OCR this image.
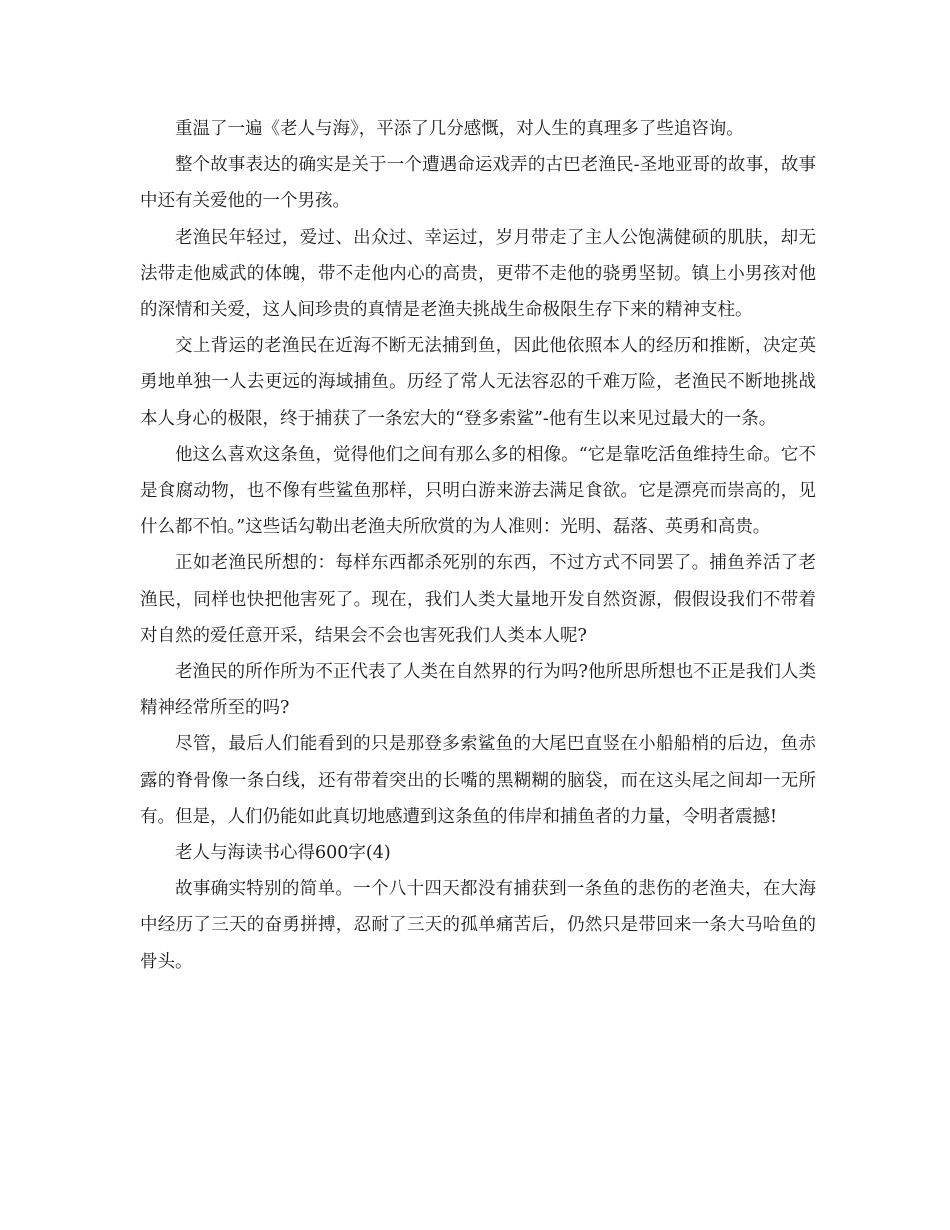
重温了一遍《老人与海》，平添了几分感慨，对人生的真理多了些追咨询。

整个故事表达的确实是关于一个遭遇命运戏弄的古巴老渔民-圣地亚哥的故事，故事中还有关爱他的一个男孩。

老渔民年轻过，爱过、出众过、幸运过，岁月带走了主人公饱满健硕的肌肤，却无法带走他威武的体魄，带不走他内心的高贵，更带不走他的骁勇坚韧。镇上小男孩对他的深情和关爱，这人间珍贵的真情是老渔夫挑战生命极限生存下来的精神支柱。

交上背运的老渔民在近海不断无法捕到鱼，因此他依照本人的经历和推断，决定英勇地单独一人去更远的海域捕鱼。历经了常人无法容忍的千难万险，老渔民不断地挑战本人身心的极限，终于捕获了一条宏大的“登多索鲨”-他有生以来见过最大的一条。

他这么喜欢这条鱼，觉得他们之间有那么多的相像。“它是靠吃活鱼维持生命。它不是食腐动物，也不像有些鲨鱼那样，只明白游来游去满足食欲。它是漂亮而崇高的，见什么都不怕。”这些话勾勒出老渔夫所欣赏的为人准则：光明、磊落、英勇和高贵。

正如老渔民所想的：每样东西都杀死别的东西，不过方式不同罢了。捕鱼养活了老渔民，同样也快把他害死了。现在，我们人类大量地开发自然资源，假假设我们不带着对自然的爱任意开采，结果会不会也害死我们人类本人呢?

老渔民的所作所为不正代表了人类在自然界的行为吗?他所思所想也不正是我们人类精神经常所至的吗?

尽管，最后人们能看到的只是那登多索鲨鱼的大尾巴直竖在小船船梢的后边，鱼赤露的脊骨像一条白线，还有带着突出的长嘴的黑糊糊的脑袋，而在这头尾之间却一无所有。但是，人们仍能如此真切地感遭到这条鱼的伟岸和捕鱼者的力量，令明者震撼!

老人与海读书心得600字(4)

故事确实特别的简单。一个八十四天都没有捕获到一条鱼的悲伤的老渔夫，在大海中经历了三天的奋勇拼搏，忍耐了三天的孤单痛苦后，仍然只是带回来一条大马哈鱼的骨头。
